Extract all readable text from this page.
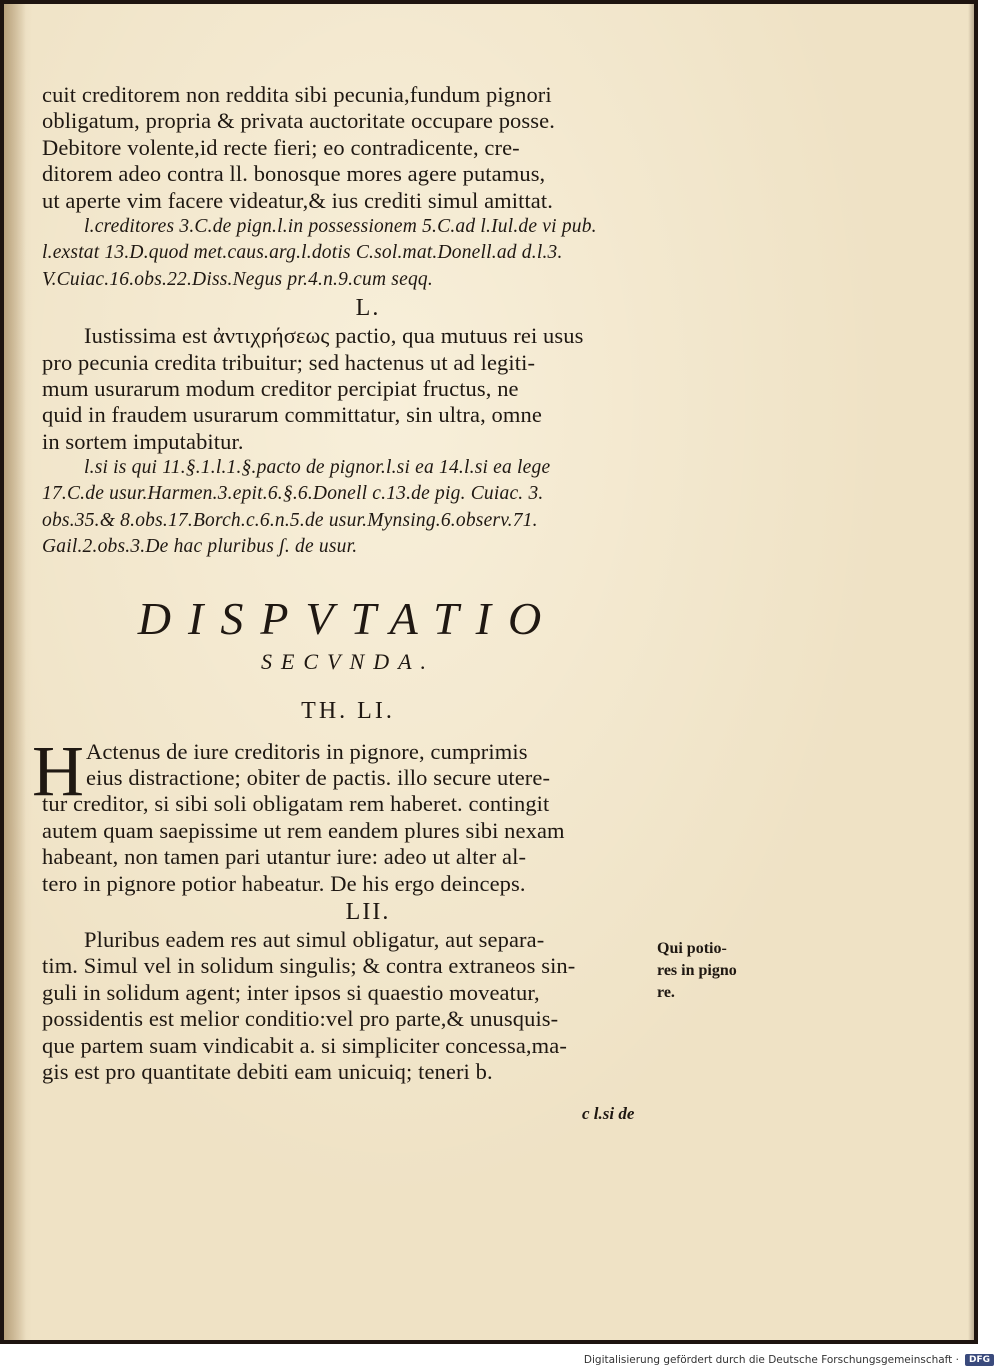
cuit creditorem non reddita sibi pecunia,fundum pignori
obligatum, propria & privata auctoritate occupare posse.
Debitore volente,id recte fieri; eo contradicente, cre-
ditorem adeo contra ll. bonosque mores agere putamus,
ut aperte vim facere videatur,& ius crediti simul amittat.
l.creditores 3.C.de pign.l.in possessionem 5.C.ad l.Iul.de vi pub.
l.exstat 13.D.quod met.caus.arg.l.dotis C.sol.mat.Donell.ad d.l.3.
V.Cuiac.16.obs.22.Diss.Negus pr.4.n.9.cum seqq.
L.
Iustissima est ἀντιχρήσεως pactio, qua mutuus rei usus
pro pecunia credita tribuitur; sed hactenus ut ad legiti-
mum usurarum modum creditor percipiat fructus, ne
quid in fraudem usurarum committatur, sin ultra, omne
in sortem imputabitur.
l.si is qui 11.§.1.l.1.§.pacto de pignor.l.si ea 14.l.si ea lege
17.C.de usur.Harmen.3.epit.6.§.6.Donell c.13.de pig. Cuiac. 3.
obs.35.& 8.obs.17.Borch.c.6.n.5.de usur.Mynsing.6.observ.71.
Gail.2.obs.3.De hac pluribus ʃ. de usur.
DISPVTATIO
SECVNDA.
TH. LI.
H Actenus de iure creditoris in pignore, cumprimis
eius distractione; obiter de pactis. illo secure utere-
tur creditor, si sibi soli obligatam rem haberet. contingit
autem quam saepissime ut rem eandem plures sibi nexam
habeant, non tamen pari utantur iure: adeo ut alter al-
tero in pignore potior habeatur. De his ergo deinceps.
LII.
Pluribus eadem res aut simul obligatur, aut separa-
tim. Simul vel in solidum singulis; & contra extraneos sin-
guli in solidum agent; inter ipsos si quaestio moveatur,
possidentis est melior conditio:vel pro parte,& unusquis-
que partem suam vindicabit a. si simpliciter concessa,ma-
gis est pro quantitate debiti eam unicuiq; teneri b.
Qui potio-
res in pigno
re.
c l.si de
Digitalisierung gefördert durch die Deutsche Forschungsgemeinschaft ·	DFG
